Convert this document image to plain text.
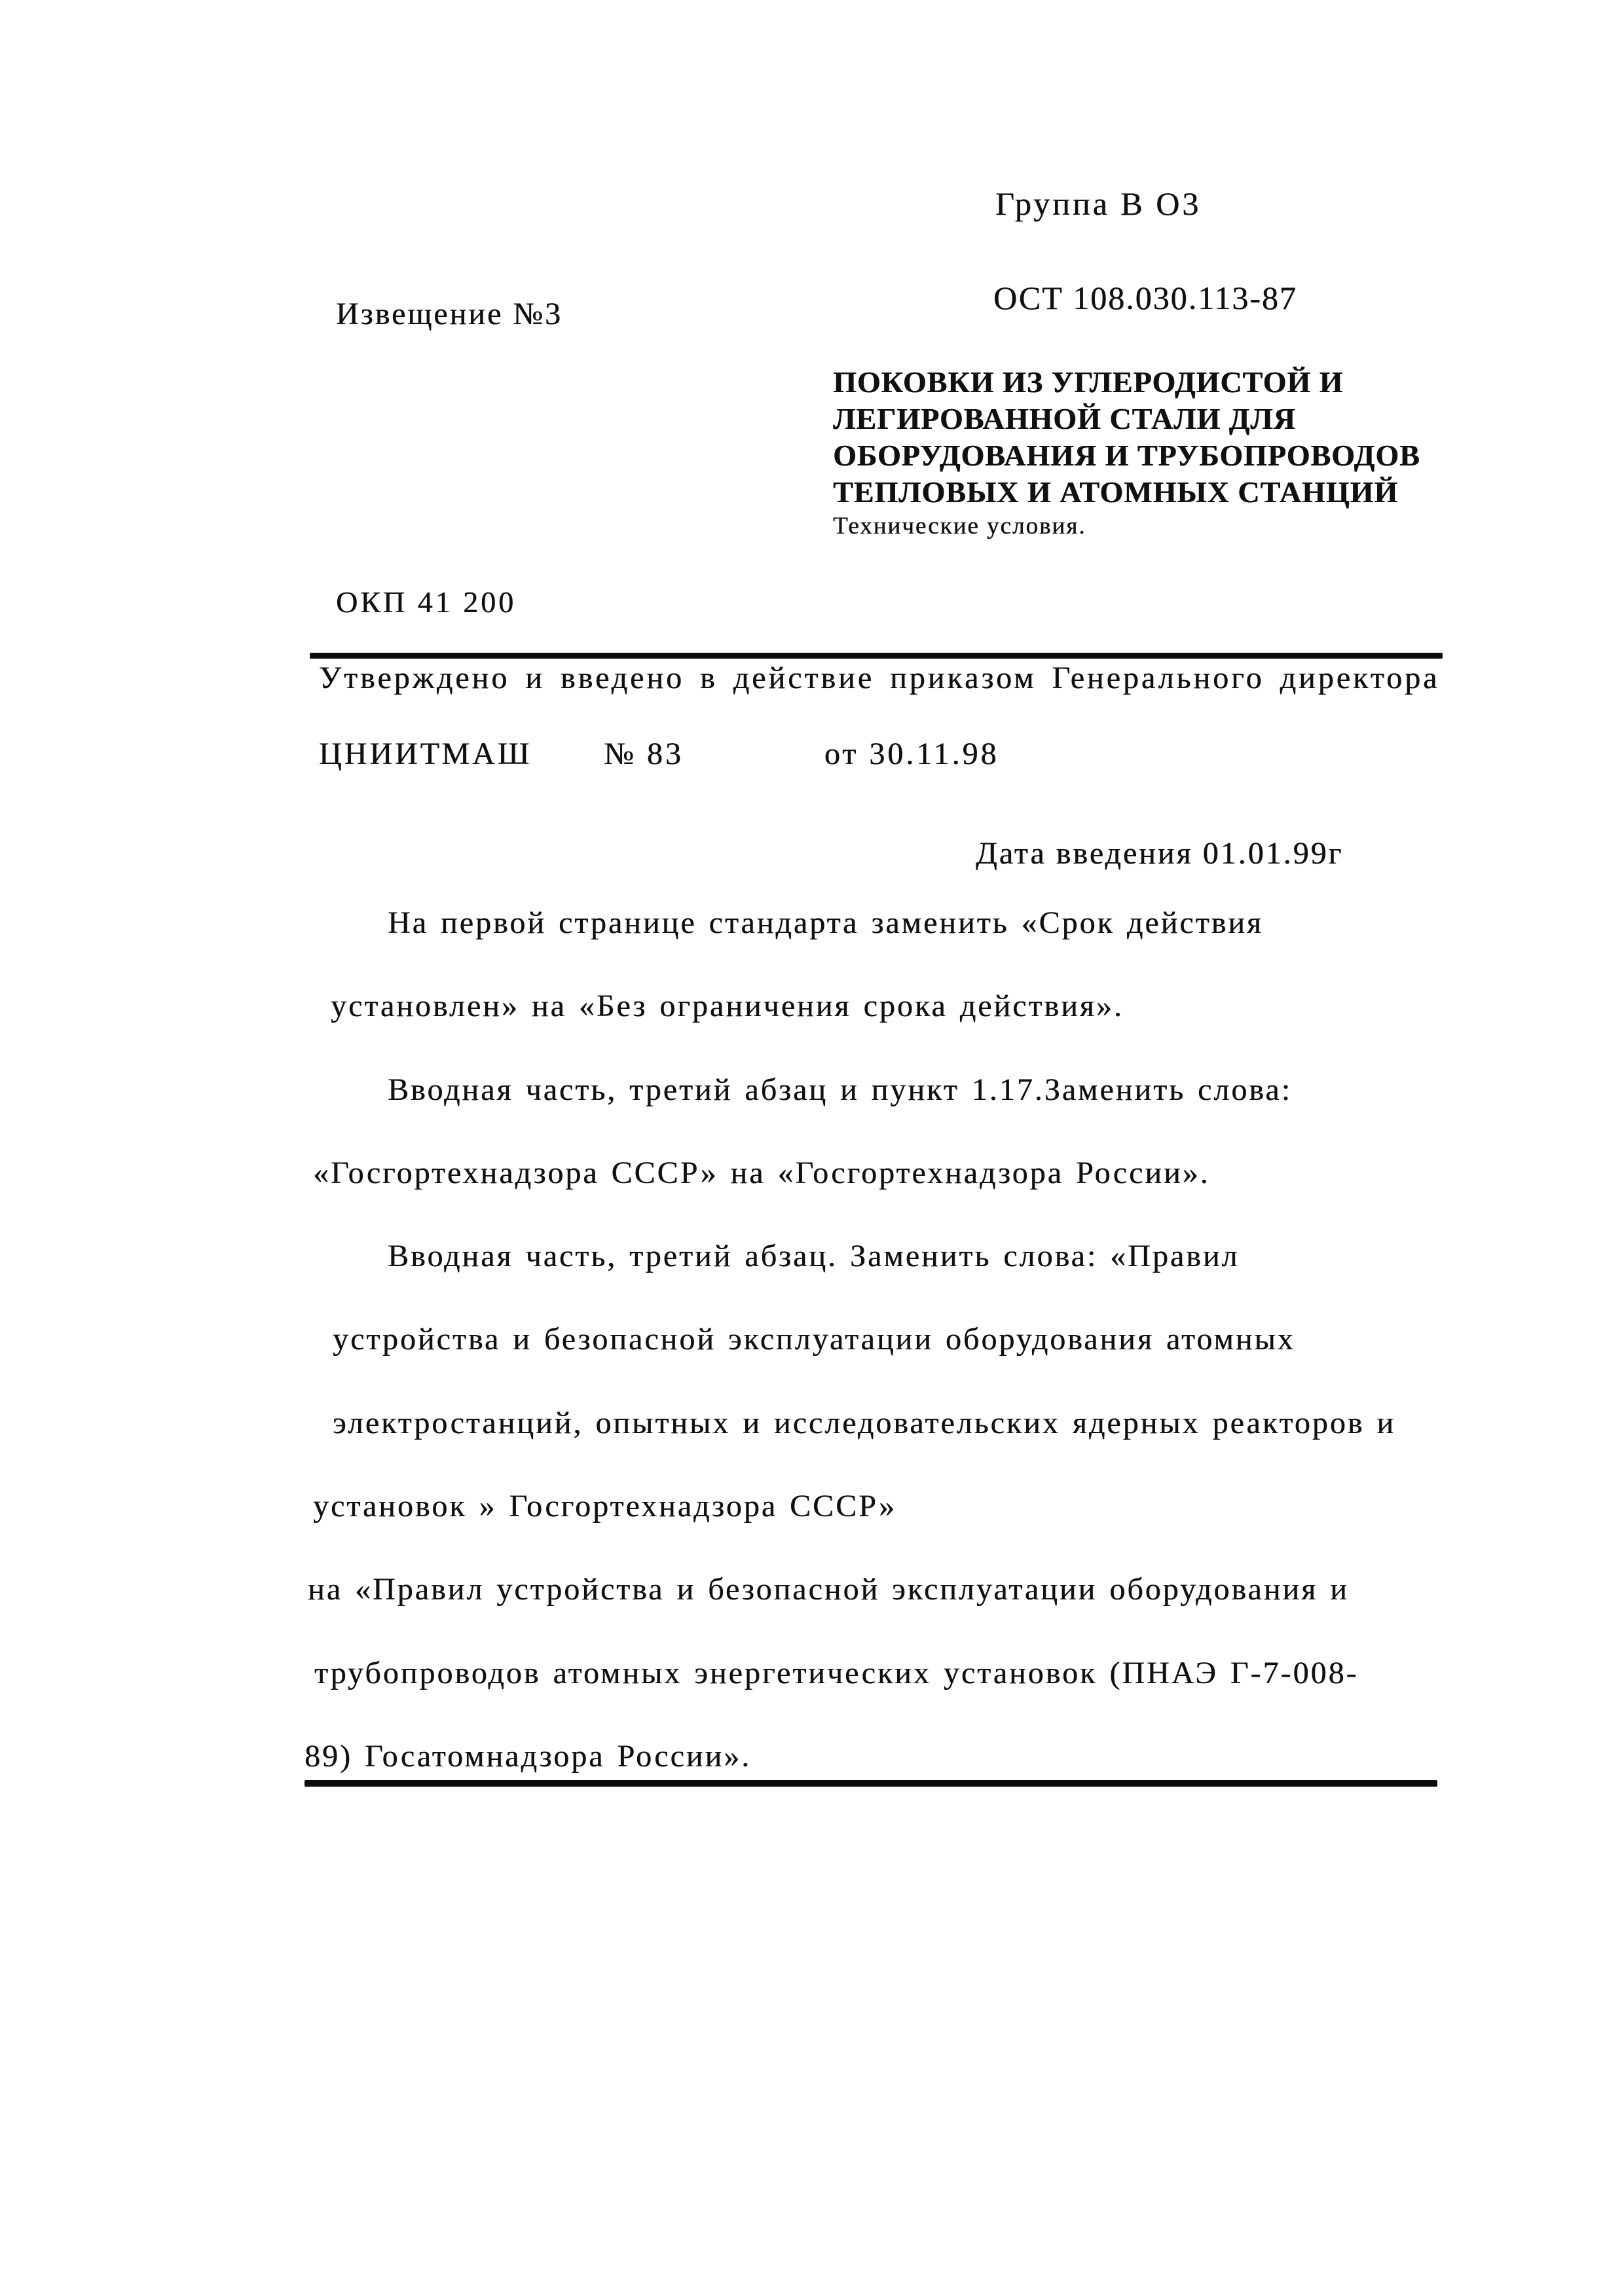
Группа В О3
Извещение №3	ОСТ 108.030.113-87
ПОКОВКИ ИЗ УГЛЕРОДИСТОЙ И
ЛЕГИРОВАННОЙ СТАЛИ ДЛЯ
ОБОРУДОВАНИЯ И ТРУБОПРОВОДОВ
ТЕПЛОВЫХ И АТОМНЫХ СТАНЦИЙ
Технические условия.
ОКП 41 200
Утверждено и введено в действие приказом Генерального директора
ЦНИИТМАШ № 83	от 30.11.98
Дата введения 01.01.99г
На первой странице стандарта заменить «Срок действия
установлен» на «Без ограничения срока действия».
Вводная часть, третий абзац и пункт 1.17.Заменить слова:
«Госгортехнадзора СССР» на «Госгортехнадзора России».
Вводная часть, третий абзац. Заменить слова: «Правил
устройства и безопасной эксплуатации оборудования атомных
электростанций, опытных и исследовательских ядерных реакторов и
установок » Госгортехнадзора СССР»
на «Правил устройства и безопасной эксплуатации оборудования и
трубопроводов атомных энергетических установок (ПНАЭ Г-7-008-
89) Госатомнадзора России».
